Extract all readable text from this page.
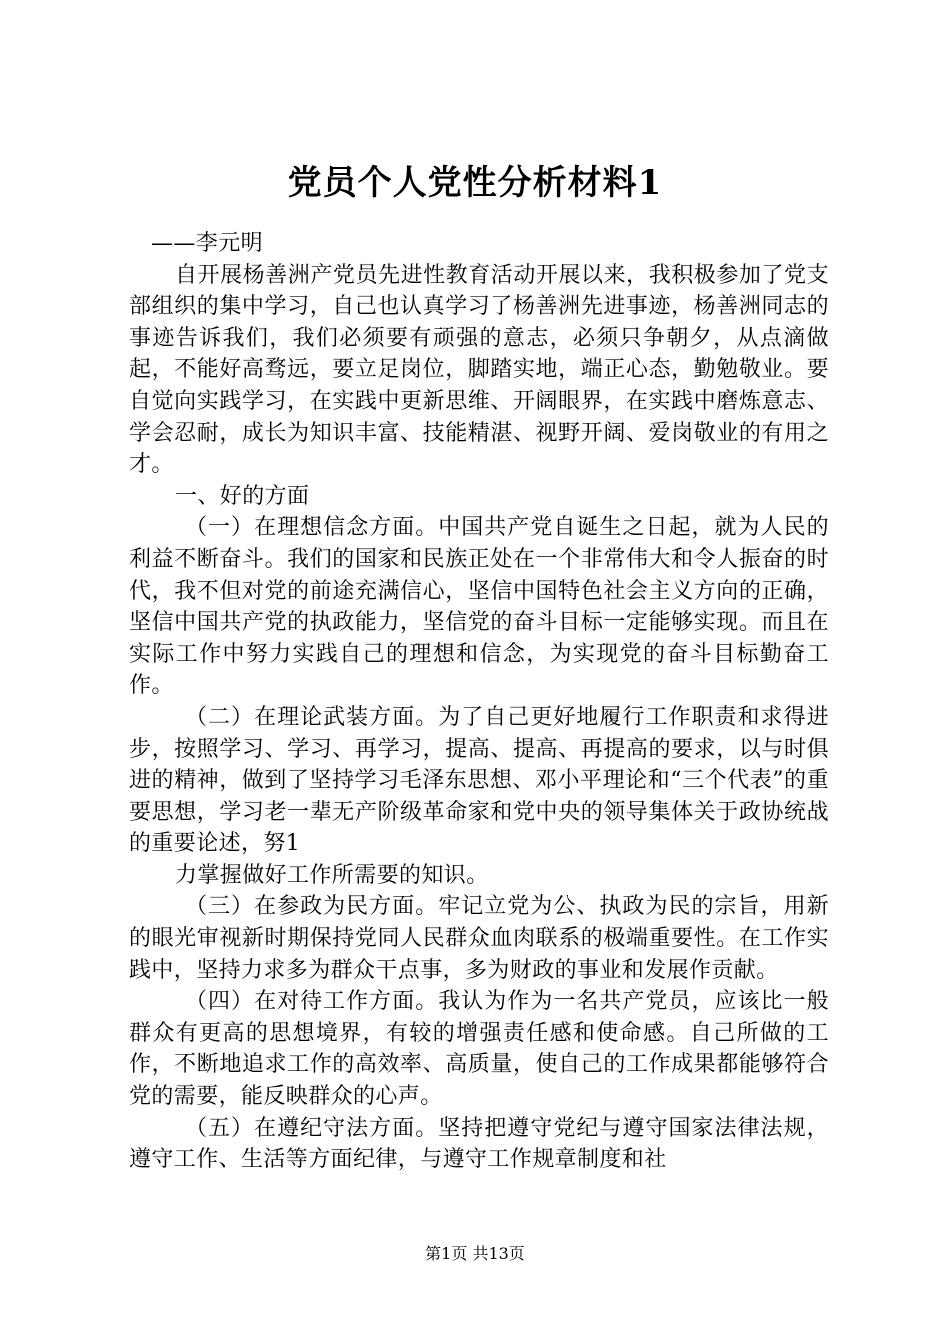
党员个人党性分析材料1

——李元明

自开展杨善洲产党员先进性教育活动开展以来，我积极参加了党支部组织的集中学习，自己也认真学习了杨善洲先进事迹，杨善洲同志的事迹告诉我们，我们必须要有顽强的意志，必须只争朝夕，从点滴做起，不能好高骛远，要立足岗位，脚踏实地，端正心态，勤勉敬业。要自觉向实践学习，在实践中更新思维、开阔眼界，在实践中磨炼意志、学会忍耐，成长为知识丰富、技能精湛、视野开阔、爱岗敬业的有用之才。

一、好的方面

（一）在理想信念方面。中国共产党自诞生之日起，就为人民的利益不断奋斗。我们的国家和民族正处在一个非常伟大和令人振奋的时代，我不但对党的前途充满信心，坚信中国特色社会主义方向的正确，坚信中国共产党的执政能力，坚信党的奋斗目标一定能够实现。而且在实际工作中努力实践自己的理想和信念，为实现党的奋斗目标勤奋工作。

（二）在理论武装方面。为了自己更好地履行工作职责和求得进步，按照学习、学习、再学习，提高、提高、再提高的要求，以与时俱进的精神，做到了坚持学习毛泽东思想、邓小平理论和“三个代表”的重要思想，学习老一辈无产阶级革命家和党中央的领导集体关于政协统战的重要论述，努1

力掌握做好工作所需要的知识。

（三）在参政为民方面。牢记立党为公、执政为民的宗旨，用新的眼光审视新时期保持党同人民群众血肉联系的极端重要性。在工作实践中，坚持力求多为群众干点事，多为财政的事业和发展作贡献。

（四）在对待工作方面。我认为作为一名共产党员，应该比一般群众有更高的思想境界，有较的增强责任感和使命感。自己所做的工作，不断地追求工作的高效率、高质量，使自己的工作成果都能够符合党的需要，能反映群众的心声。

（五）在遵纪守法方面。坚持把遵守党纪与遵守国家法律法规，遵守工作、生活等方面纪律，与遵守工作规章制度和社

第1页 共13页
